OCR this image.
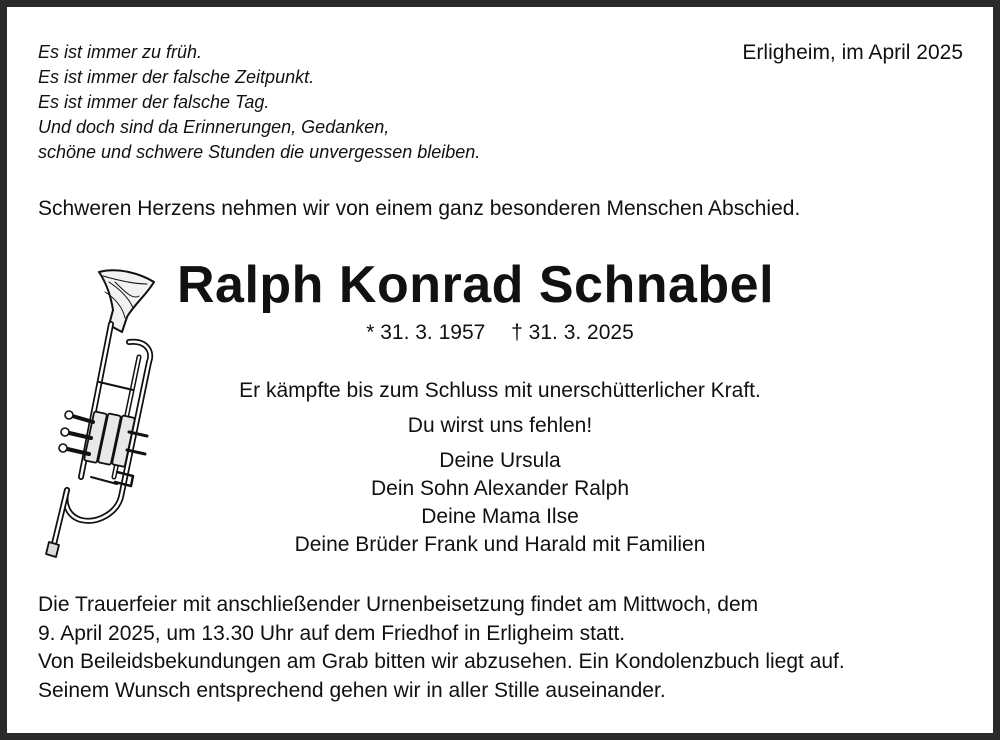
Es ist immer zu früh.
Es ist immer der falsche Zeitpunkt.
Es ist immer der falsche Tag.
Und doch sind da Erinnerungen, Gedanken,
schöne und schwere Stunden die unvergessen bleiben.
Erligheim, im April 2025
Schweren Herzens nehmen wir von einem ganz besonderen Menschen Abschied.
Ralph Konrad Schnabel
* 31. 3. 1957 † 31. 3. 2025
Er kämpfte bis zum Schluss mit unerschütterlicher Kraft.
Du wirst uns fehlen!
Deine Ursula
Dein Sohn Alexander Ralph
Deine Mama Ilse
Deine Brüder Frank und Harald mit Familien
Die Trauerfeier mit anschließender Urnenbeisetzung findet am Mittwoch, dem
9. April 2025, um 13.30 Uhr auf dem Friedhof in Erligheim statt.
Von Beileidsbekundungen am Grab bitten wir abzusehen. Ein Kondolenzbuch liegt auf.
Seinem Wunsch entsprechend gehen wir in aller Stille auseinander.
